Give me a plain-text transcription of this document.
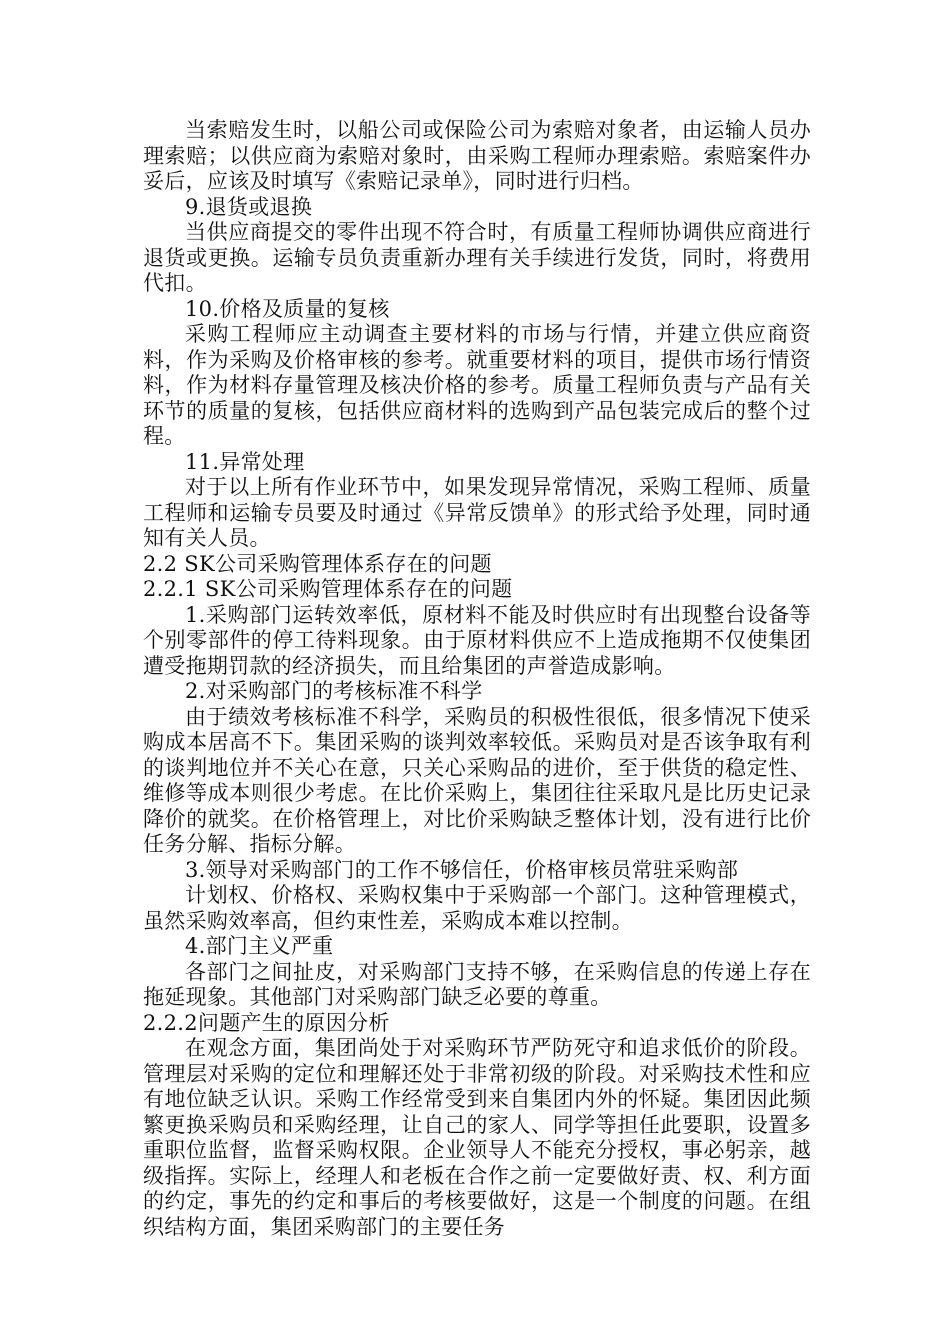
当索赔发生时，以船公司或保险公司为索赔对象者，由运输人员办理索赔；以供应商为索赔对象时，由采购工程师办理索赔。索赔案件办妥后，应该及时填写《索赔记录单》，同时进行归档。

9.退货或退换

当供应商提交的零件出现不符合时，有质量工程师协调供应商进行退货或更换。运输专员负责重新办理有关手续进行发货，同时，将费用代扣。

10.价格及质量的复核

采购工程师应主动调查主要材料的市场与行情，并建立供应商资料，作为采购及价格审核的参考。就重要材料的项目，提供市场行情资料，作为材料存量管理及核决价格的参考。质量工程师负责与产品有关环节的质量的复核，包括供应商材料的选购到产品包装完成后的整个过程。

11.异常处理

对于以上所有作业环节中，如果发现异常情况，采购工程师、质量工程师和运输专员要及时通过《异常反馈单》的形式给予处理，同时通知有关人员。

2.2 SK公司采购管理体系存在的问题

2.2.1 SK公司采购管理体系存在的问题

1.采购部门运转效率低，原材料不能及时供应时有出现整台设备等个别零部件的停工待料现象。由于原材料供应不上造成拖期不仅使集团遭受拖期罚款的经济损失，而且给集团的声誉造成影响。

2.对采购部门的考核标准不科学

由于绩效考核标准不科学，采购员的积极性很低，很多情况下使采购成本居高不下。集团采购的谈判效率较低。采购员对是否该争取有利的谈判地位并不关心在意，只关心采购品的进价，至于供货的稳定性、维修等成本则很少考虑。在比价采购上，集团往往采取凡是比历史记录降价的就奖。在价格管理上，对比价采购缺乏整体计划，没有进行比价任务分解、指标分解。

3.领导对采购部门的工作不够信任，价格审核员常驻采购部

计划权、价格权、采购权集中于采购部一个部门。这种管理模式，虽然采购效率高，但约束性差，采购成本难以控制。

4.部门主义严重

各部门之间扯皮，对采购部门支持不够，在采购信息的传递上存在拖延现象。其他部门对采购部门缺乏必要的尊重。

2.2.2问题产生的原因分析

在观念方面，集团尚处于对采购环节严防死守和追求低价的阶段。管理层对采购的定位和理解还处于非常初级的阶段。对采购技术性和应有地位缺乏认识。采购工作经常受到来自集团内外的怀疑。集团因此频繁更换采购员和采购经理，让自己的家人、同学等担任此要职，设置多重职位监督，监督采购权限。企业领导人不能充分授权，事必躬亲，越级指挥。实际上，经理人和老板在合作之前一定要做好责、权、利方面的约定，事先的约定和事后的考核要做好，这是一个制度的问题。在组织结构方面，集团采购部门的主要任务
